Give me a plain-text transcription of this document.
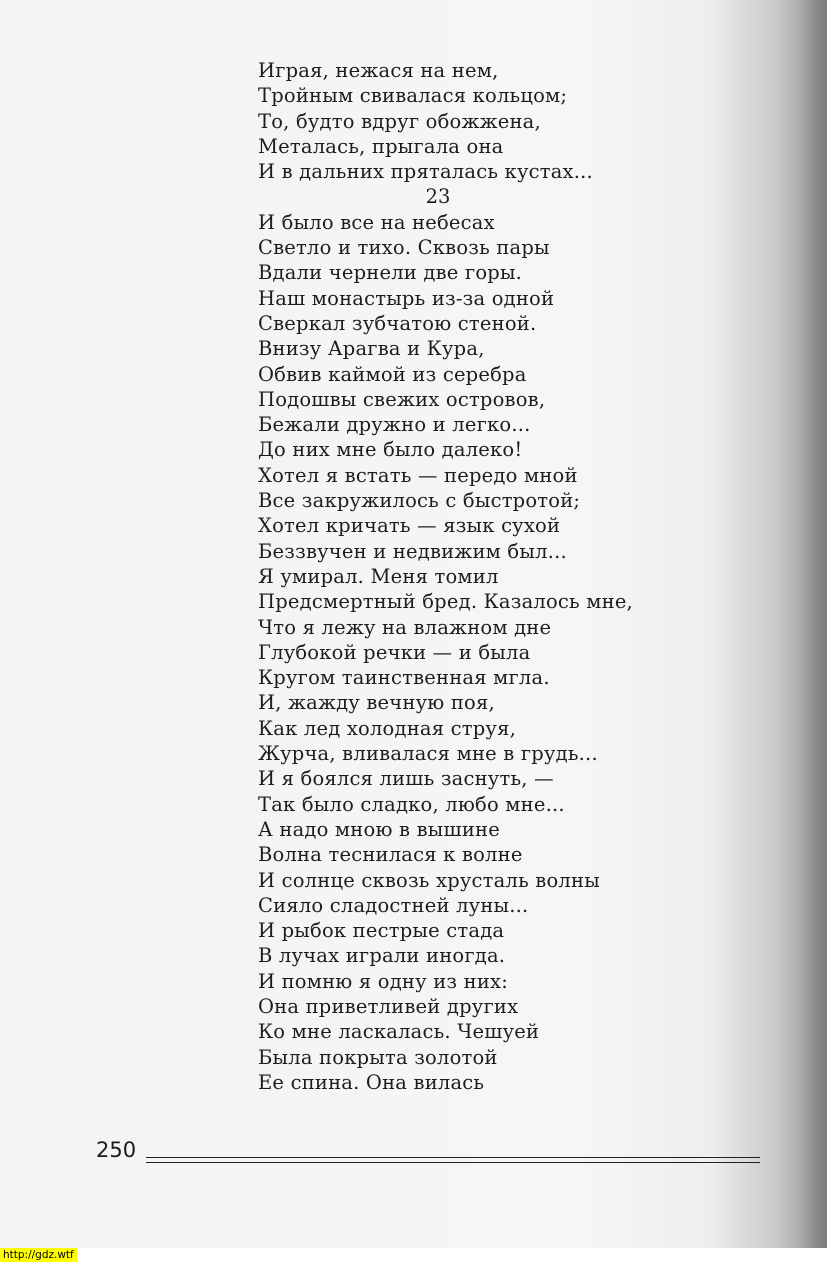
Играя, нежася на нем,
Тройным свивалася кольцом;
То, будто вдруг обожжена,
Металась, прыгала она
И в дальних пряталась кустах...
23
И было все на небесах
Светло и тихо. Сквозь пары
Вдали чернели две горы.
Наш монастырь из-за одной
Сверкал зубчатою стеной.
Внизу Арагва и Кура,
Обвив каймой из серебра
Подошвы свежих островов,
Бежали дружно и легко...
До них мне было далеко!
Хотел я встать — передо мной
Все закружилось с быстротой;
Хотел кричать — язык сухой
Беззвучен и недвижим был...
Я умирал. Меня томил
Предсмертный бред. Казалось мне,
Что я лежу на влажном дне
Глубокой речки — и была
Кругом таинственная мгла.
И, жажду вечную поя,
Как лед холодная струя,
Журча, вливалася мне в грудь...
И я боялся лишь заснуть, —
Так было сладко, любо мне...
А надо мною в вышине
Волна теснилася к волне
И солнце сквозь хрусталь волны
Сияло сладостней луны...
И рыбок пестрые стада
В лучах играли иногда.
И помню я одну из них:
Она приветливей других
Ко мне ласкалась. Чешуей
Была покрыта золотой
Ее спина. Она вилась
250
http://gdz.wtf
